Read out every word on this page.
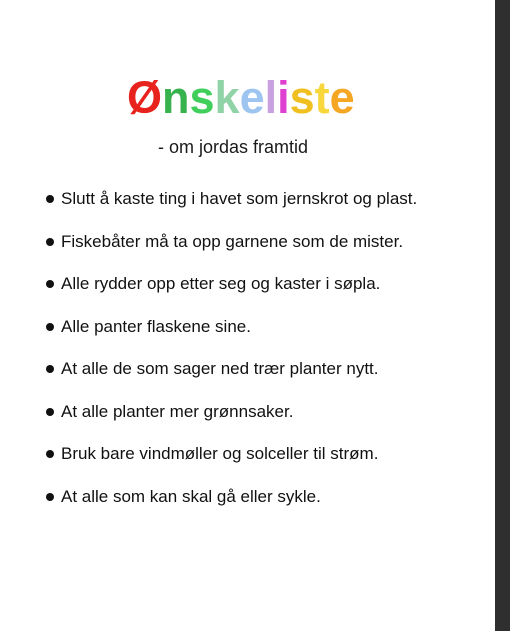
Ønskeliste
- om jordas framtid
Slutt å kaste ting i havet som jernskrot og plast.
Fiskebåter må ta opp garnene som de mister.
Alle rydder opp etter seg og kaster i søpla.
Alle panter flaskene sine.
At alle de som sager ned trær planter nytt.
At alle planter mer grønnsaker.
Bruk bare vindmøller og solceller til strøm.
At alle som kan skal gå eller sykle.
